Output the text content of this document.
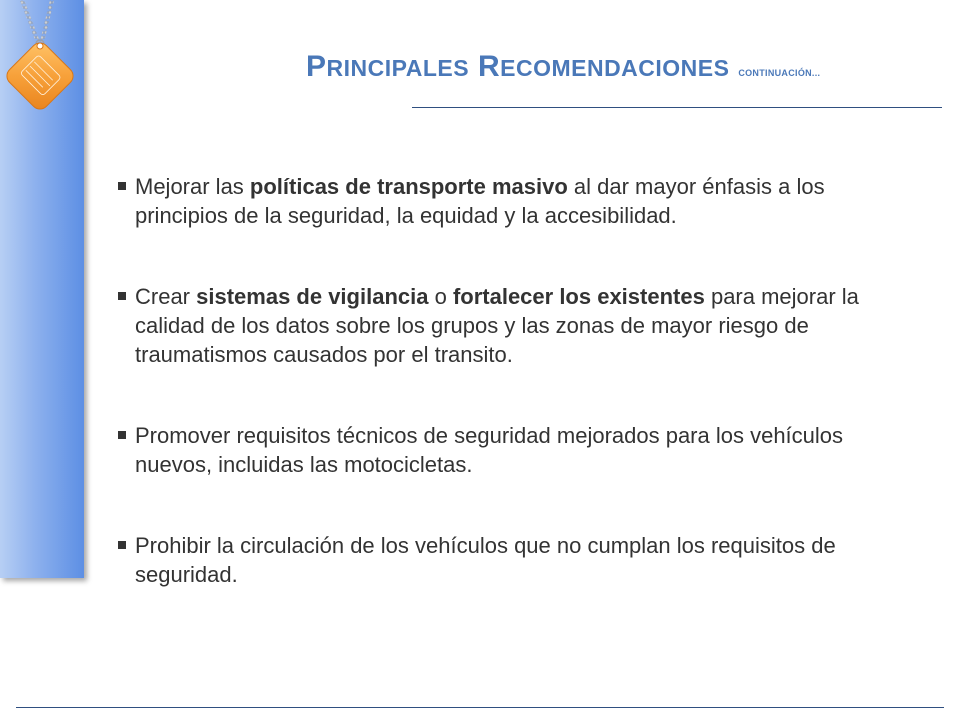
PRINCIPALES RECOMENDACIONES CONTINUACIÓN...
Mejorar las políticas de transporte masivo al dar mayor énfasis a los principios de la seguridad, la equidad y la accesibilidad.
Crear sistemas de vigilancia o fortalecer los existentes para mejorar la calidad de los datos sobre los grupos y las zonas de mayor riesgo de traumatismos causados por el transito.
Promover requisitos técnicos de seguridad mejorados para los vehículos nuevos, incluidas las motocicletas.
Prohibir la circulación de los vehículos que no cumplan los requisitos de seguridad.
